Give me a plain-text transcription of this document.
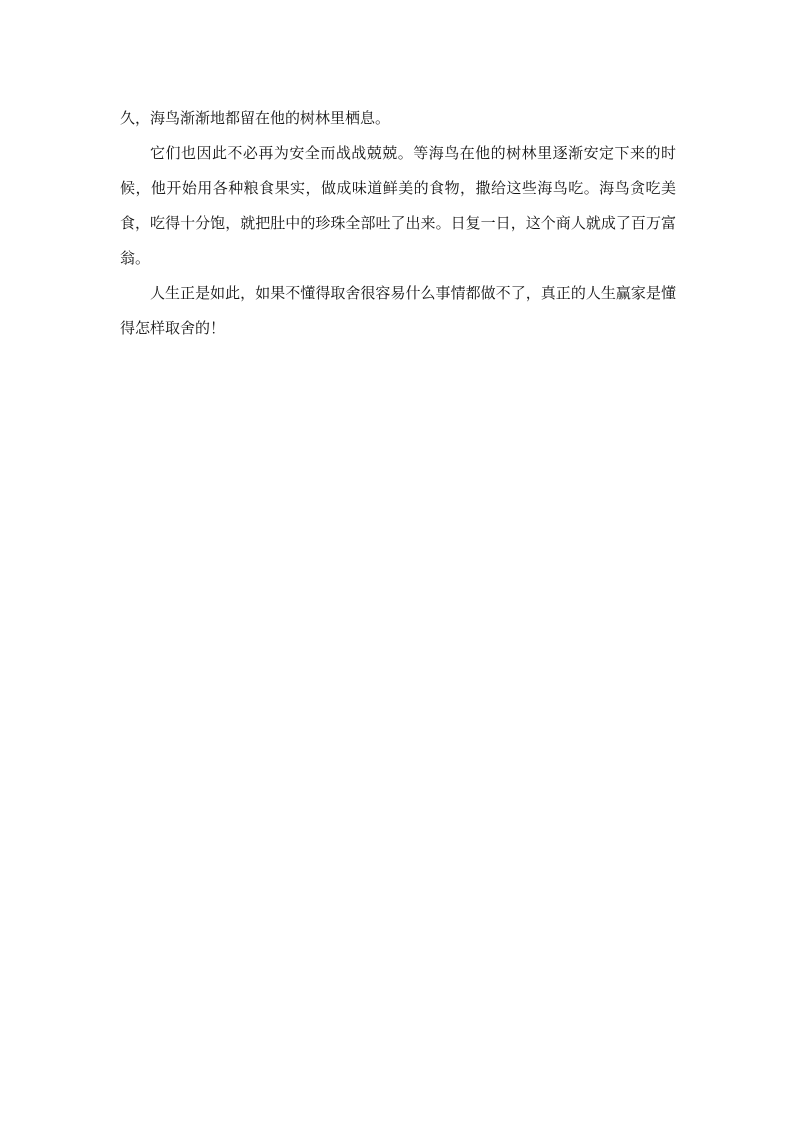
久，海鸟渐渐地都留在他的树林里栖息。

它们也因此不必再为安全而战战兢兢。等海鸟在他的树林里逐渐安定下来的时候，他开始用各种粮食果实，做成味道鲜美的食物，撒给这些海鸟吃。海鸟贪吃美食，吃得十分饱，就把肚中的珍珠全部吐了出来。日复一日，这个商人就成了百万富翁。

人生正是如此，如果不懂得取舍很容易什么事情都做不了，真正的人生赢家是懂得怎样取舍的！
